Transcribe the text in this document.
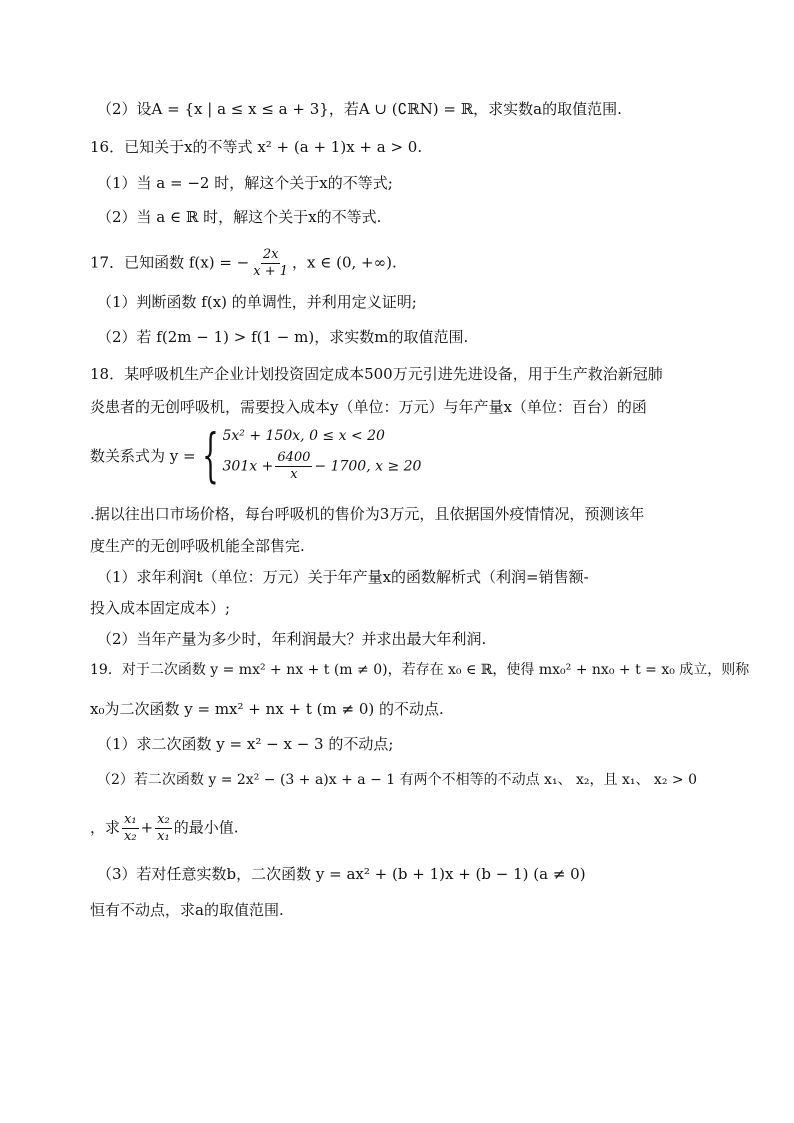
（2）设A = {x | a ≤ x ≤ a + 3}，若A ∪ (∁ℝN) = ℝ，求实数a的取值范围.
16．已知关于x的不等式 x² + (a + 1)x + a > 0.
（1）当 a = −2 时，解这个关于x的不等式;
（2）当 a ∈ ℝ 时，解这个关于x的不等式.
17．已知函数 f(x) = − $\frac{2x}{x + 1}$ ，x ∈ (0, +∞).
（1）判断函数 f(x) 的单调性，并利用定义证明;
（2）若 f(2m − 1) > f(1 − m)，求实数m的取值范围.
18．某呼吸机生产企业计划投资固定成本500万元引进先进设备，用于生产救治新冠肺
炎患者的无创呼吸机，需要投入成本y（单位：万元）与年产量x（单位：百台）的函
数关系式为 y = { 5x² + 150x, 0 ≤ x < 20
$301x + \frac{6400}{x} - 1700$, x ≥ 20
.据以往出口市场价格，每台呼吸机的售价为3万元，且依据国外疫情情况，预测该年
度生产的无创呼吸机能全部售完.
（1）求年利润t（单位：万元）关于年产量x的函数解析式（利润=销售额-
投入成本固定成本）;
（2）当年产量为多少时，年利润最大？并求出最大年利润.
19．对于二次函数 y = mx² + nx + t (m ≠ 0)，若存在 x₀ ∈ ℝ，使得 mx₀² + nx₀ + t = x₀ 成立，则称
x₀为二次函数 y = mx² + nx + t (m ≠ 0) 的不动点.
（1）求二次函数 y = x² − x − 3 的不动点;
（2）若二次函数 y = 2x² − (3 + a)x + a − 1 有两个不相等的不动点 x₁、 x₂，且 x₁、 x₂ > 0
，求 $\frac{\text{x₁}}{\text{x₂}} + \frac{\text{x₂}}{\text{x₁}}$ 的最小值.
（3）若对任意实数b，二次函数 y = ax² + (b + 1)x + (b − 1) (a ≠ 0)
恒有不动点，求a的取值范围.
